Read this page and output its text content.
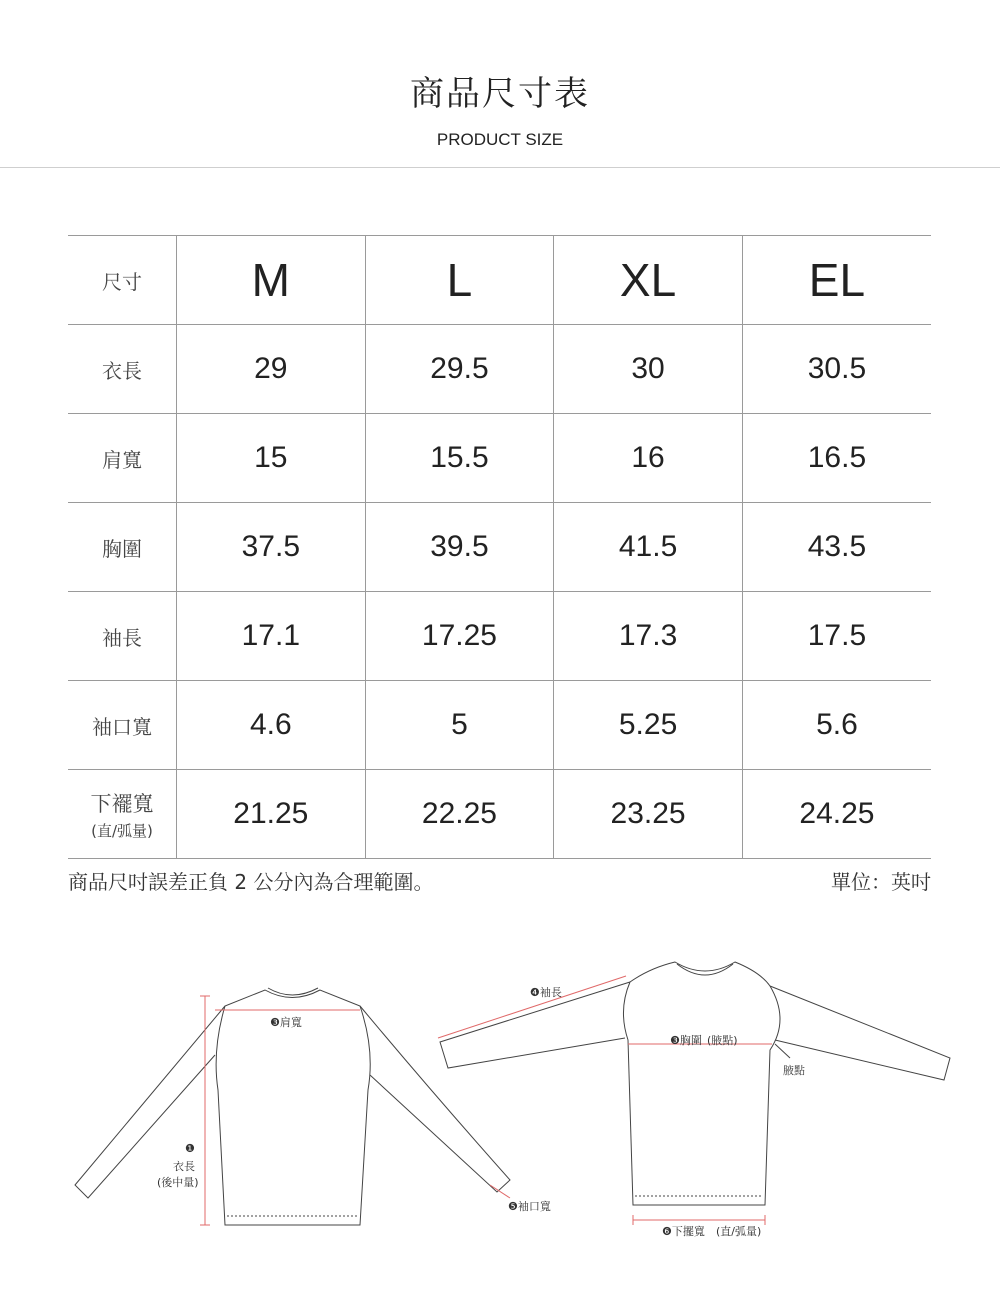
商品尺寸表
PRODUCT SIZE
尺寸	M	L	XL	EL
衣長	29	29.5	30	30.5
肩寬	15	15.5	16	16.5
胸圍	37.5	39.5	41.5	43.5
袖長	17.1	17.25	17.3	17.5
袖口寬	4.6	5	5.25	5.6

下襬寬
(直/弧量)	21.25	22.25	23.25	24.25
商品尺吋誤差正負 2 公分內為合理範圍。	單位：英吋
❸肩寬
❶
衣長
(後中量)
❺袖口寬
❹袖長
❸胸圍 (腋點)
腋點
❻下擺寬 (直/弧量)
